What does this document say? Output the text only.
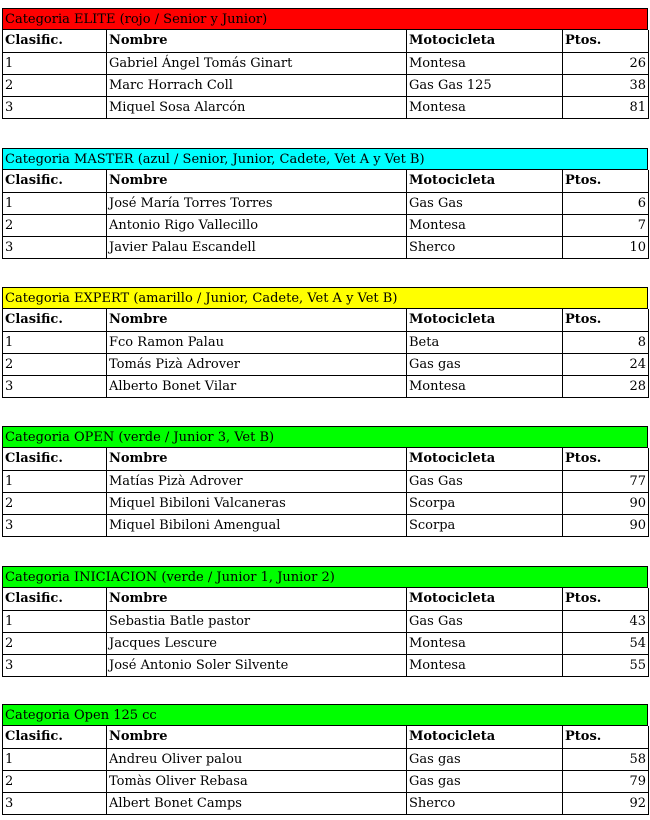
Categoria ELITE (rojo / Senior y Junior)
Clasific.	Nombre	Motocicleta	Ptos.
1	Gabriel Ángel Tomás Ginart	Montesa	26
2	Marc Horrach Coll	Gas Gas 125	38
3	Miquel Sosa Alarcón	Montesa	81
Categoria MASTER (azul / Senior, Junior, Cadete, Vet A y Vet B)
Clasific.	Nombre	Motocicleta	Ptos.
1	José María Torres Torres	Gas Gas	6
2	Antonio Rigo Vallecillo	Montesa	7
3	Javier Palau Escandell	Sherco	10
Categoria EXPERT (amarillo / Junior, Cadete, Vet A y Vet B)
Clasific.	Nombre	Motocicleta	Ptos.
1	Fco Ramon Palau	Beta	8
2	Tomás Pizà Adrover	Gas gas	24
3	Alberto Bonet Vilar	Montesa	28
Categoria OPEN (verde / Junior 3, Vet B)
Clasific.	Nombre	Motocicleta	Ptos.
1	Matías Pizà Adrover	Gas Gas	77
2	Miquel Bibiloni Valcaneras	Scorpa	90
3	Miquel Bibiloni Amengual	Scorpa	90
Categoria INICIACION (verde / Junior 1, Junior 2)
Clasific.	Nombre	Motocicleta	Ptos.
1	Sebastia Batle pastor	Gas Gas	43
2	Jacques Lescure	Montesa	54
3	José Antonio Soler Silvente	Montesa	55
Categoria Open 125 cc
Clasific.	Nombre	Motocicleta	Ptos.
1	Andreu Oliver palou	Gas gas	58
2	Tomàs Oliver Rebasa	Gas gas	79
3	Albert Bonet Camps	Sherco	92
